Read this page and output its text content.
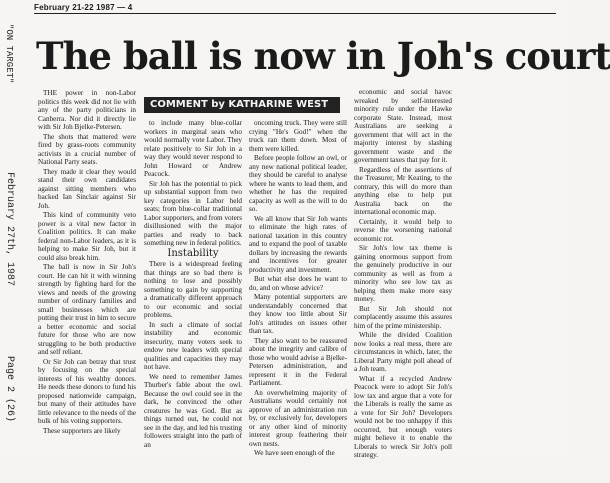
February 21-22 1987 — 4
"ON TARGET"
February 27th, 1987
Page 2 (26)
The ball is now in Joh's court

THE power in non-Labor politics this week did not lie with any of the party politicians in Canberra. Nor did it directly lie with Sir Joh Bjelke-Petersen.

The shots that mattered were fired by grass-roots community activists in a crucial number of National Party seats.

They made it clear they would stand their own candidates against sitting members who backed Ian Sinclair against Sir Joh.

This kind of community veto power is a vital new factor in Coalition politics. It can make federal non-Labor leaders, as it is helping to make Sir Joh, but it could also break him.

The ball is now in Sir Joh's court. He can hit it with winning strength by fighting hard for the views and needs of the growing number of ordinary families and small businesses which are putting their trust in him to secure a better economic and social future for those who are now struggling to be both productive and self reliant.

Or Sir Joh can betray that trust by focusing on the special interests of his wealthy donors. He needs these donors to fund his proposed nationwide campaign, but many of their attitudes have little relevance to the needs of the bulk of his voting supporters.

These supporters are likely

COMMENT by KATHARINE WEST

to include many blue-collar workers in marginal seats who would normally vote Labor. They relate positively to Sir Joh in a way they would never respond to John Howard or Andrew Peacock.

Sir Joh has the potential to pick up substantial support from two key categories in Labor held seats; from blue-collar traditional Labor supporters, and from voters disillusioned with the major parties and ready to back something new in federal politics.

Instability

There is a widespread feeling that things are so bad there is nothing to lose and possibly something to gain by supporting a dramatically different approach to our economic and social problems.

In such a climate of social instability and economic insecurity, many voters seek to endow new leaders with special qualities and capacities they may not have.

We need to remember James Thurber's fable about the owl. Because the owl could see in the dark, he convinced the other creatures he was God. But as things turned out, he could not see in the day, and led his trusting followers straight into the path of an

oncoming truck. They were still crying "He's God!" when the truck ran them down. Most of them were killed.

Before people follow an owl, or any new national political leader, they should be careful to analyse where he wants to lead them, and whether he has the required capacity as well as the will to do so.

We all know that Sir Joh wants to eliminate the high rates of national taxation in this country and to expand the pool of taxable dollars by increasing the rewards and incentives for greater productivity and investment.

But what else does he want to do, and on whose advice?

Many potential supporters are understandably concerned that they know too little about Sir Joh's attitudes on issues other than tax.

They also want to be reassured about the integrity and calibre of those who would advise a Bjelke-Petersen administration, and represent it in the Federal Parliament.

An overwhelming majority of Australians would certainly not approve of an administration run by, or exclusively for, developers or any other kind of minority interest group feathering their own nests.

We have seen enough of the

economic and social havoc wreaked by self-interested minority rule under the Hawke corporate State. Instead, most Australians are seeking a government that will act in the majority interest by slashing government waste and the government taxes that pay for it.

Regardless of the assertions of the Treasurer, Mr Keating, to the contrary, this will do more than anything else to help put Australia back on the international economic map.

Certainly, it would help to reverse the worsening national economic rot.

Sir Joh's low tax theme is gaining enormous support from the genuinely productive in our community as well as from a minority who see low tax as helping them make more easy money.

But Sir Joh should not complacently assume this assures him of the prime ministership.

While the divided Coalition now looks a real mess, there are circumstances in which, later, the Liberal Party might poll ahead of a Joh team.

What if a recycled Andrew Peacock were to adopt Sir Joh's low tax and argue that a vote for the Liberals is really the same as a vote for Sir Joh? Developers would not be too unhappy if this occurred, but enough voters might believe it to enable the Liberals to wreck Sir Joh's poll strategy.
